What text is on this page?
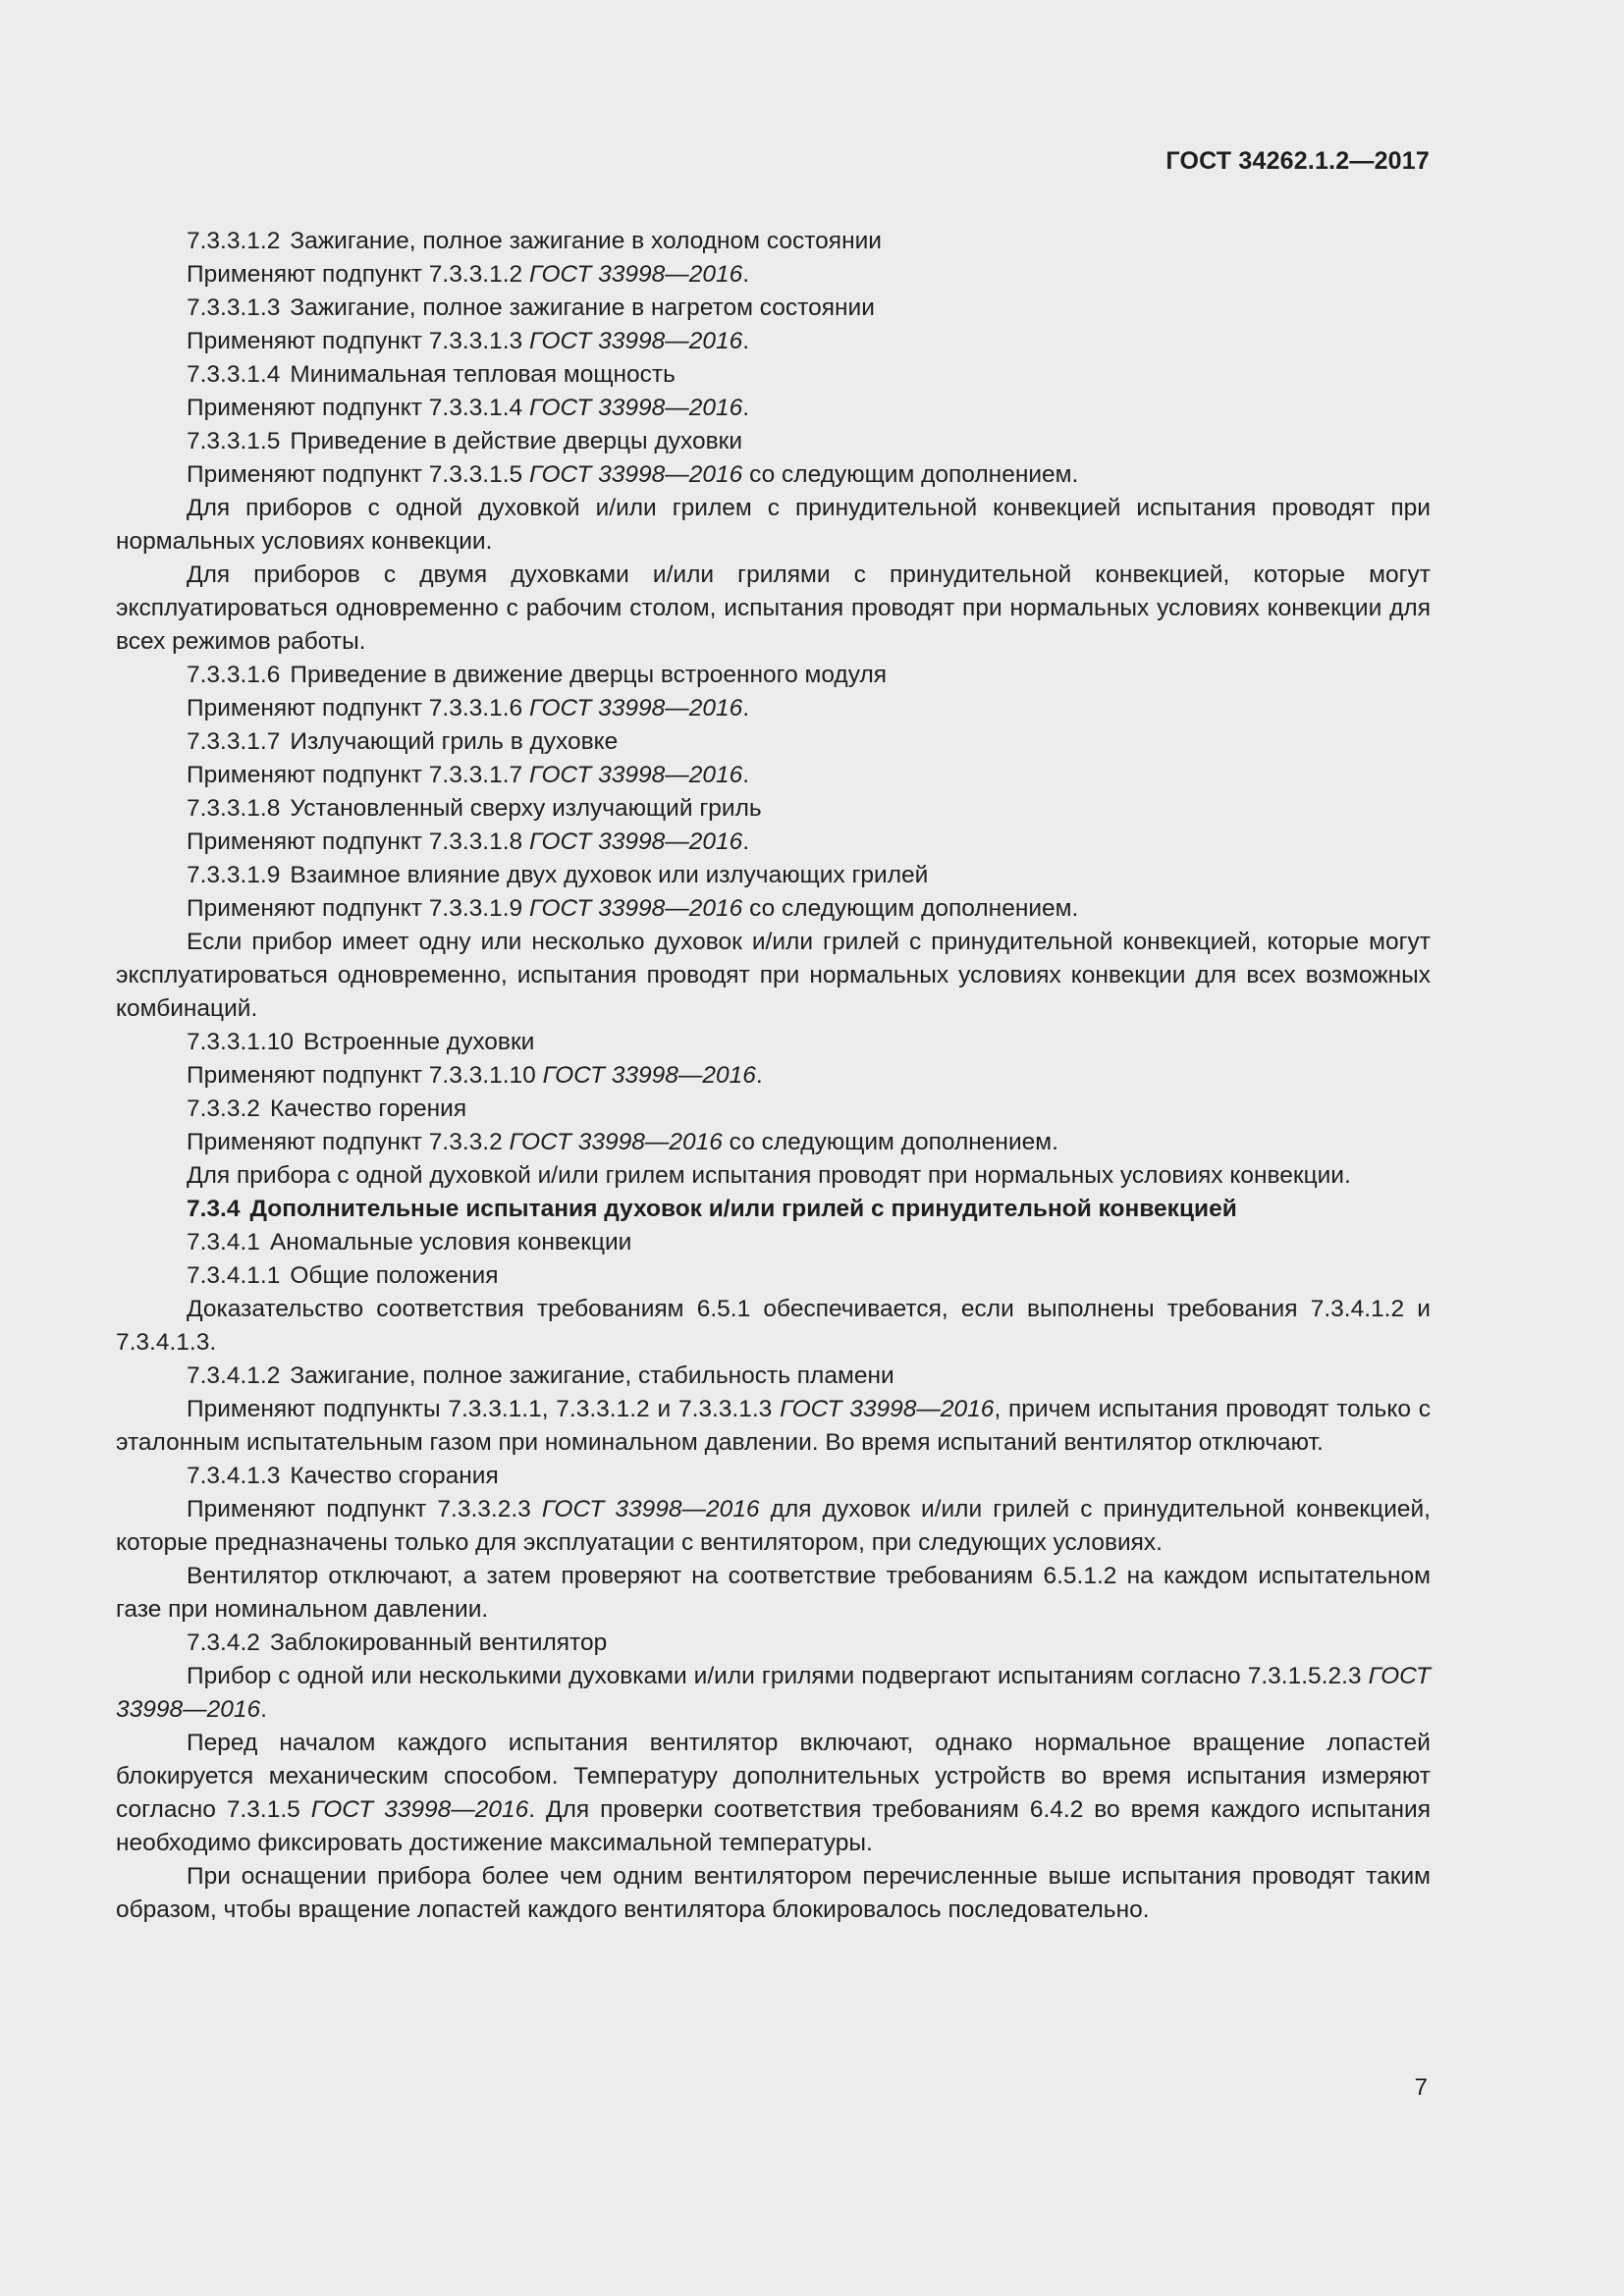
ГОСТ 34262.1.2—2017

7.3.3.1.2 Зажигание, полное зажигание в холодном состоянии

Применяют подпункт 7.3.3.1.2 ГОСТ 33998—2016.

7.3.3.1.3 Зажигание, полное зажигание в нагретом состоянии

Применяют подпункт 7.3.3.1.3 ГОСТ 33998—2016.

7.3.3.1.4 Минимальная тепловая мощность

Применяют подпункт 7.3.3.1.4 ГОСТ 33998—2016.

7.3.3.1.5 Приведение в действие дверцы духовки

Применяют подпункт 7.3.3.1.5 ГОСТ 33998—2016 со следующим дополнением.

Для приборов с одной духовкой и/или грилем с принудительной конвекцией испытания проводят при нормальных условиях конвекции.

Для приборов с двумя духовками и/или грилями с принудительной конвекцией, которые могут эксплуатироваться одновременно с рабочим столом, испытания проводят при нормальных условиях конвекции для всех режимов работы.

7.3.3.1.6 Приведение в движение дверцы встроенного модуля

Применяют подпункт 7.3.3.1.6 ГОСТ 33998—2016.

7.3.3.1.7 Излучающий гриль в духовке

Применяют подпункт 7.3.3.1.7 ГОСТ 33998—2016.

7.3.3.1.8 Установленный сверху излучающий гриль

Применяют подпункт 7.3.3.1.8 ГОСТ 33998—2016.

7.3.3.1.9 Взаимное влияние двух духовок или излучающих грилей

Применяют подпункт 7.3.3.1.9 ГОСТ 33998—2016 со следующим дополнением.

Если прибор имеет одну или несколько духовок и/или грилей с принудительной конвекцией, которые могут эксплуатироваться одновременно, испытания проводят при нормальных условиях конвекции для всех возможных комбинаций.

7.3.3.1.10 Встроенные духовки

Применяют подпункт 7.3.3.1.10 ГОСТ 33998—2016.

7.3.3.2 Качество горения

Применяют подпункт 7.3.3.2 ГОСТ 33998—2016 со следующим дополнением.

Для прибора с одной духовкой и/или грилем испытания проводят при нормальных условиях конвекции.

7.3.4 Дополнительные испытания духовок и/или грилей с принудительной конвекцией

7.3.4.1 Аномальные условия конвекции

7.3.4.1.1 Общие положения

Доказательство соответствия требованиям 6.5.1 обеспечивается, если выполнены требования 7.3.4.1.2 и 7.3.4.1.3.

7.3.4.1.2 Зажигание, полное зажигание, стабильность пламени

Применяют подпункты 7.3.3.1.1, 7.3.3.1.2 и 7.3.3.1.3 ГОСТ 33998—2016, причем испытания проводят только с эталонным испытательным газом при номинальном давлении. Во время испытаний вентилятор отключают.

7.3.4.1.3 Качество сгорания

Применяют подпункт 7.3.3.2.3 ГОСТ 33998—2016 для духовок и/или грилей с принудительной конвекцией, которые предназначены только для эксплуатации с вентилятором, при следующих условиях.

Вентилятор отключают, а затем проверяют на соответствие требованиям 6.5.1.2 на каждом испытательном газе при номинальном давлении.

7.3.4.2 Заблокированный вентилятор

Прибор с одной или несколькими духовками и/или грилями подвергают испытаниям согласно 7.3.1.5.2.3 ГОСТ 33998—2016.

Перед началом каждого испытания вентилятор включают, однако нормальное вращение лопастей блокируется механическим способом. Температуру дополнительных устройств во время испытания измеряют согласно 7.3.1.5 ГОСТ 33998—2016. Для проверки соответствия требованиям 6.4.2 во время каждого испытания необходимо фиксировать достижение максимальной температуры.

При оснащении прибора более чем одним вентилятором перечисленные выше испытания проводят таким образом, чтобы вращение лопастей каждого вентилятора блокировалось последовательно.

7
